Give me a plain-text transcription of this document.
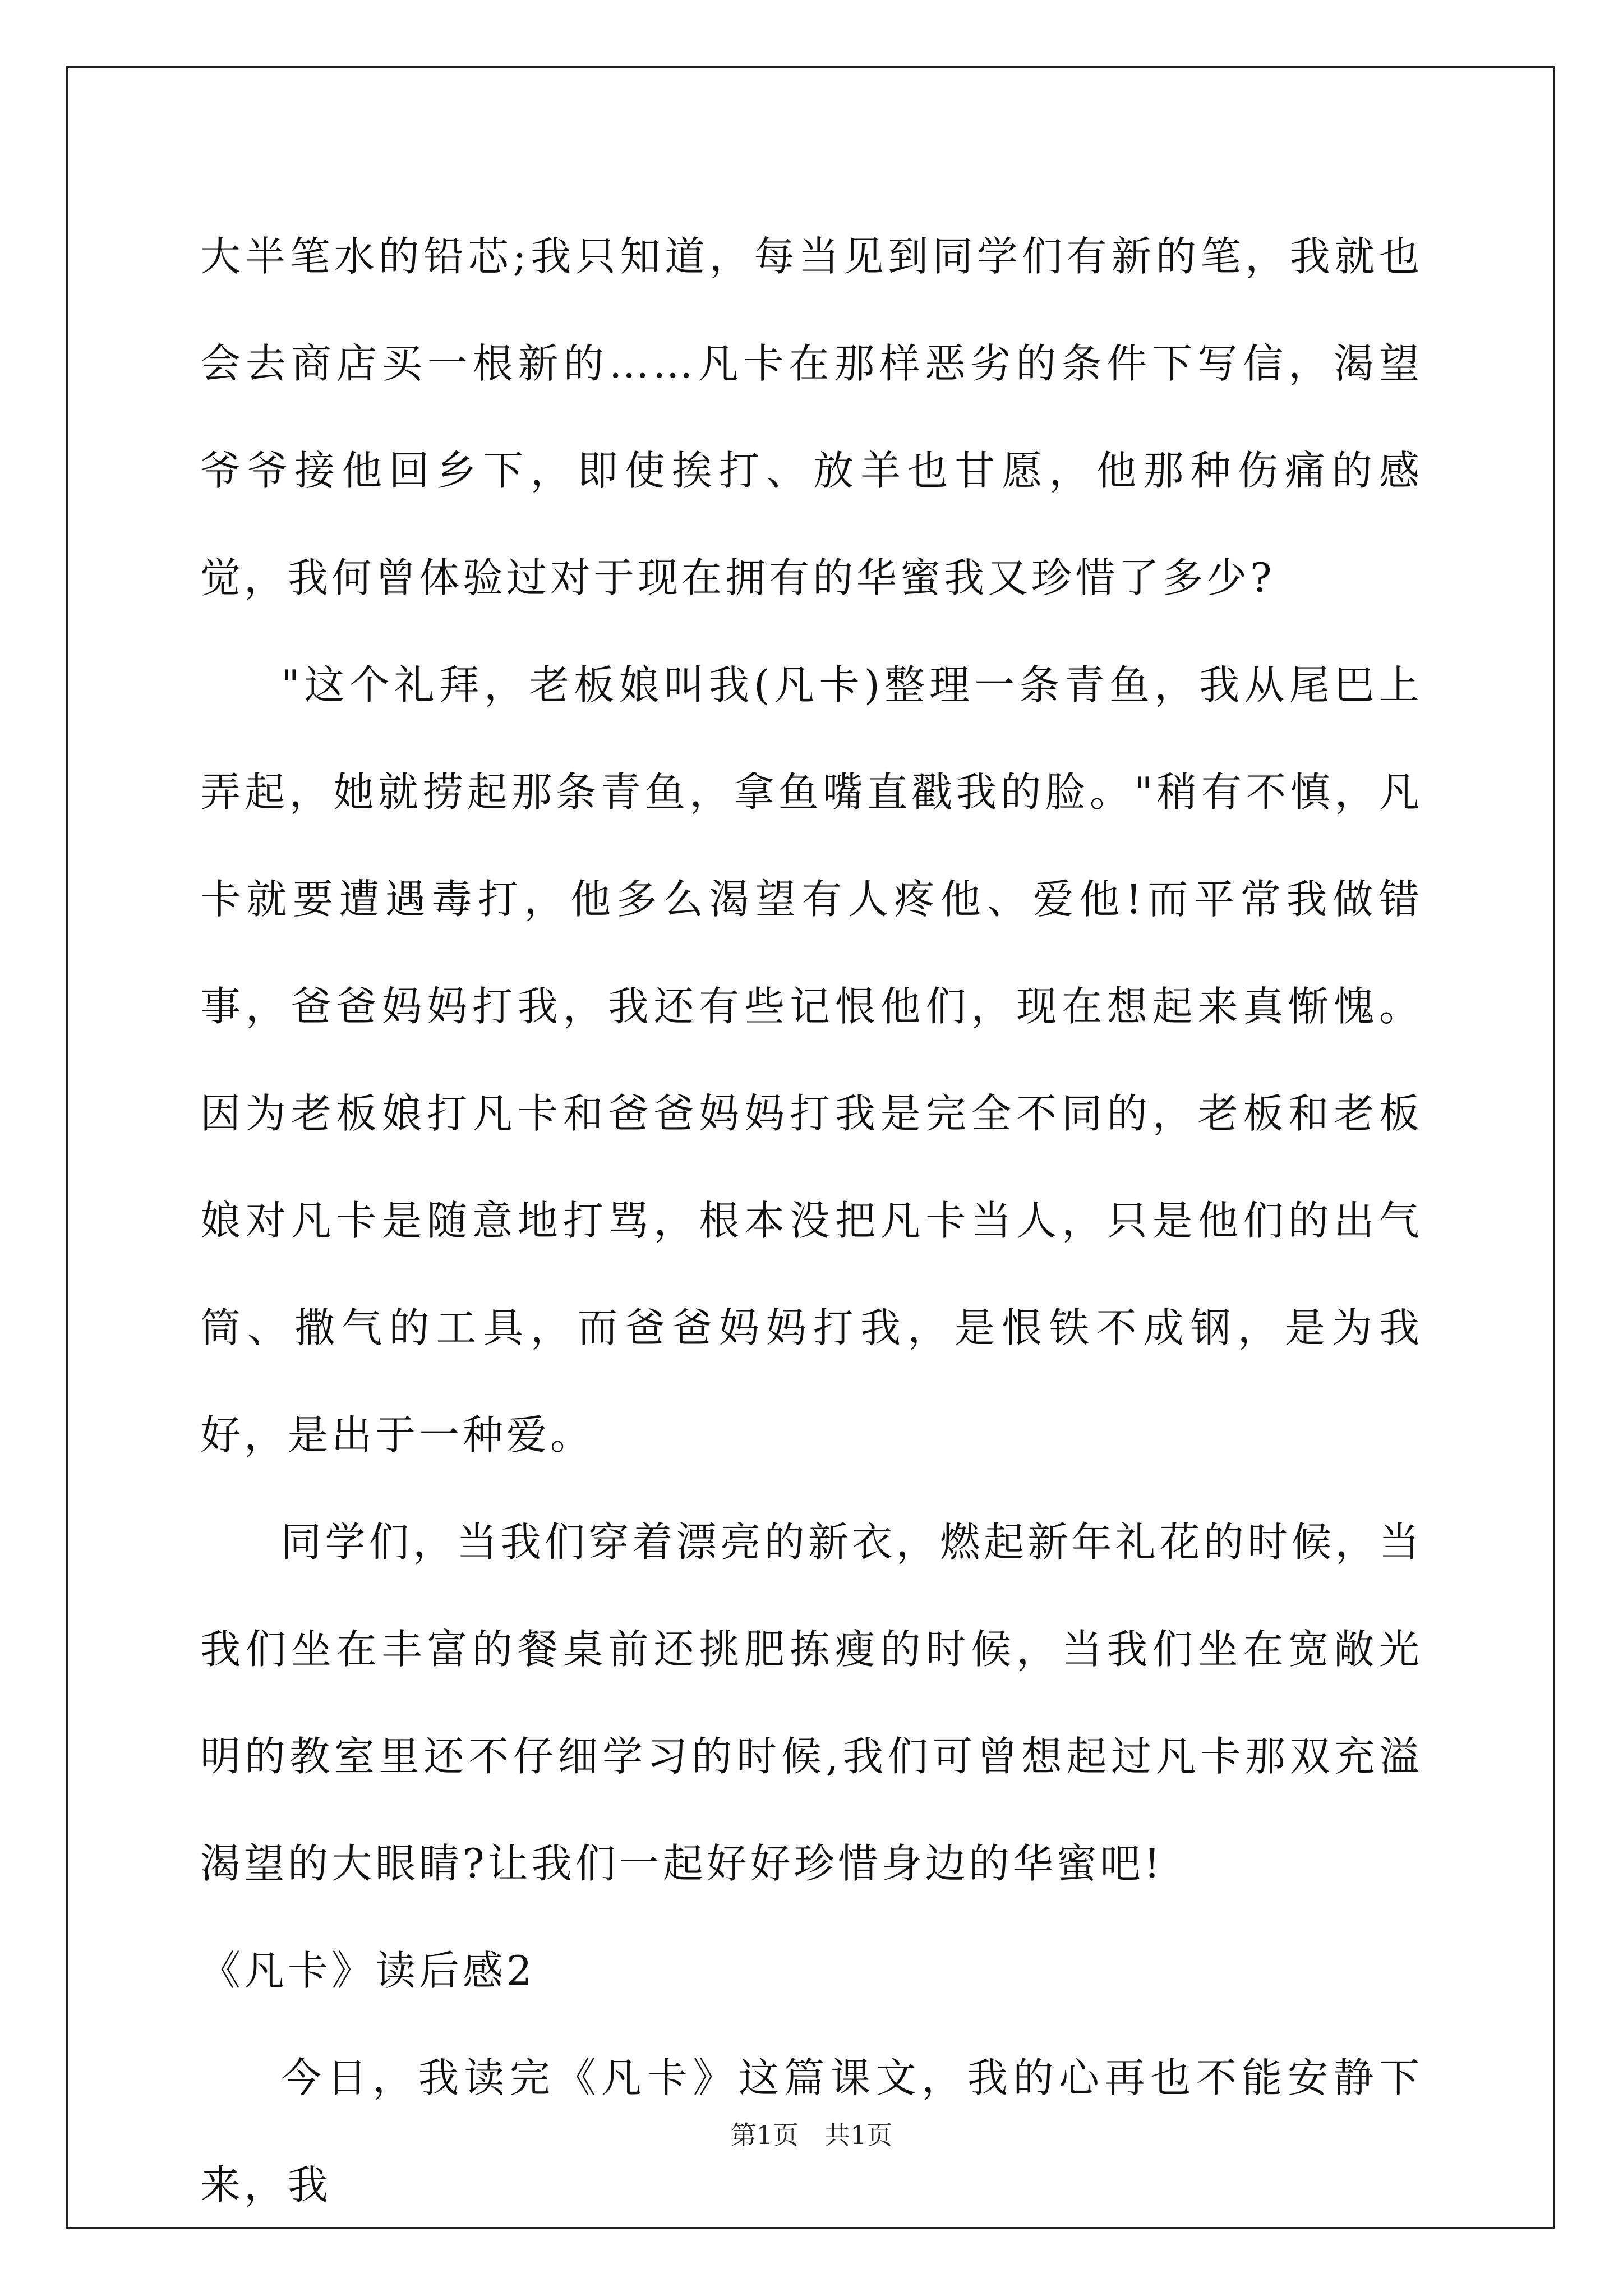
大半笔水的铅芯;我只知道，每当见到同学们有新的笔，我就也会去商店买一根新的……凡卡在那样恶劣的条件下写信，渴望爷爷接他回乡下，即使挨打、放羊也甘愿，他那种伤痛的感觉，我何曾体验过对于现在拥有的华蜜我又珍惜了多少?

"这个礼拜，老板娘叫我(凡卡)整理一条青鱼，我从尾巴上弄起，她就捞起那条青鱼，拿鱼嘴直戳我的脸。"稍有不慎，凡卡就要遭遇毒打，他多么渴望有人疼他、爱他!而平常我做错事，爸爸妈妈打我，我还有些记恨他们，现在想起来真惭愧。因为老板娘打凡卡和爸爸妈妈打我是完全不同的，老板和老板娘对凡卡是随意地打骂，根本没把凡卡当人，只是他们的出气筒、撒气的工具，而爸爸妈妈打我，是恨铁不成钢，是为我好，是出于一种爱。

同学们，当我们穿着漂亮的新衣，燃起新年礼花的时候，当我们坐在丰富的餐桌前还挑肥拣瘦的时候，当我们坐在宽敞光明的教室里还不仔细学习的时候,我们可曾想起过凡卡那双充溢渴望的大眼睛?让我们一起好好珍惜身边的华蜜吧!

《凡卡》读后感2

今日，我读完《凡卡》这篇课文，我的心再也不能安静下来，我

第1页　共1页
